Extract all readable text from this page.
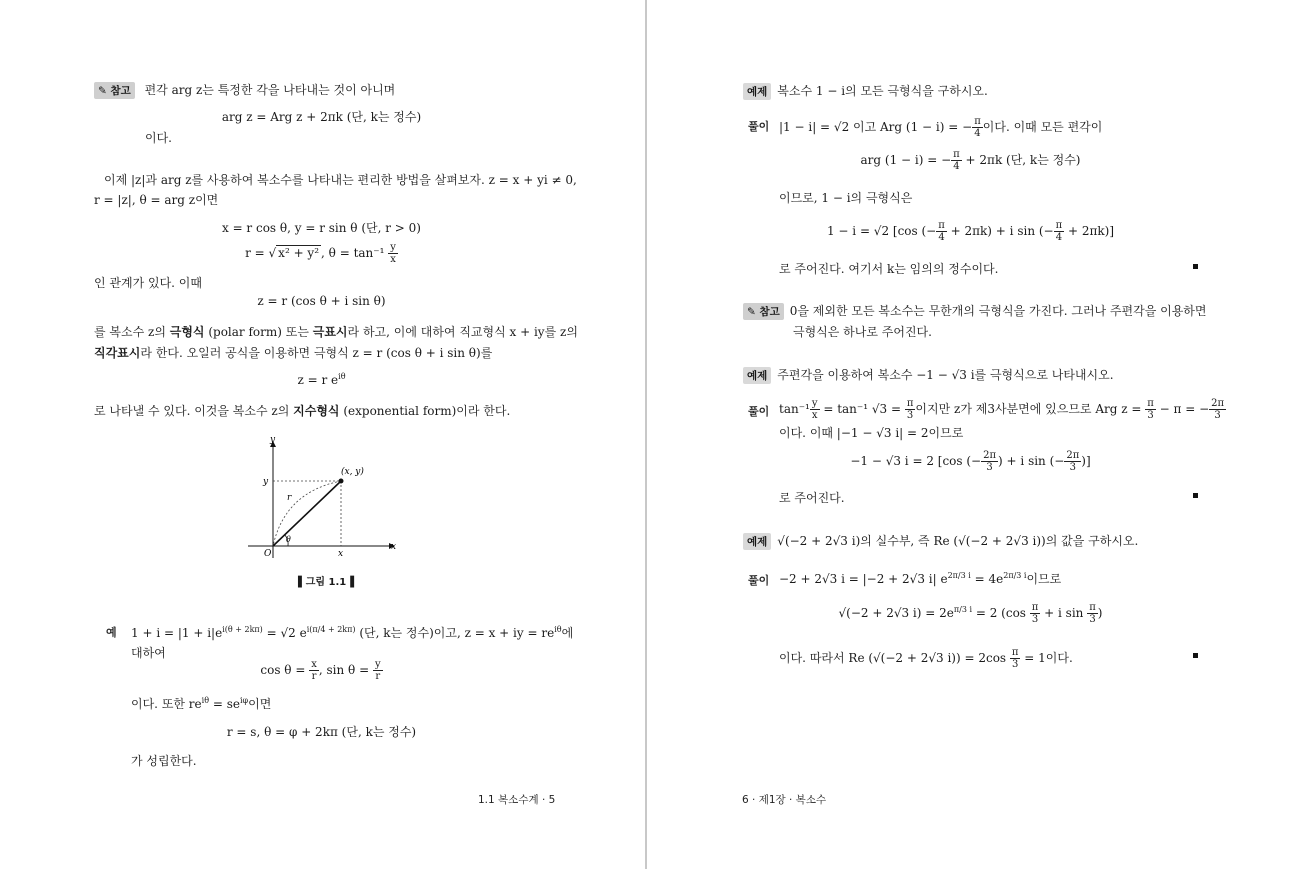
✎ 참고 편각 arg z는 특정한 각을 나타내는 것이 아니며
arg z = Arg z + 2πk (단, k는 정수)
이다.
이제 |z|과 arg z를 사용하여 복소수를 나타내는 편리한 방법을 살펴보자. z = x + yi ≠ 0,
r = |z|, θ = arg z이면
x = r cos θ, y = r sin θ (단, r > 0)
r = √ x² + y² , $\theta = \tan^{-1} \frac{y}{x}$
인 관계가 있다. 이때
z = r (cos θ + i sin θ)
를 복소수 z의 극형식 (polar form) 또는 극표시라 하고, 이에 대하여 직교형식 x + iy를 z의
직각표시라 한다. 오일러 공식을 이용하면 극형식 z = r (cos θ + i sin θ)를
z = r $e^{i\theta}$
로 나타낼 수 있다. 이것을 복소수 z의 지수형식 (exponential form)이라 한다.
y
x
y
x
O
r
θ
(x, y)
▌그림 1.1▐
예 $1 + i = |1 + i|e^{i(\theta + 2k\pi)} = √2$ $e^{i(\pi/4 + 2k\pi)}$ (단, k는 정수)이고, z = x + iy = $re^{i\theta}$에
대하여
$\cos \theta = \frac{x}{r}$ , $\sin \theta = \frac{y}{r}$
이다. 또한 $re^{i\theta} = se^{i\varphi}$이면
r = s, θ = φ + 2kπ (단, k는 정수)
가 성립한다.
1.1 복소수계 · 5
예제 복소수 1 − i의 모든 극형식을 구하시오.
풀이 |1 − i| = √2 이고 Arg (1 − i) = − $\frac{\pi}{4}$ 이다. 이때 모든 편각이
arg (1 − i) = − $\frac{\pi}{4} + 2\pi k$ (단, k는 정수)
이므로, 1 − i의 극형식은
1 − i = √2 [cos (− $\frac{\pi}{4} + 2\pi k) + i$ sin (− $\frac{\pi}{4} + 2\pi k$)]
로 주어진다. 여기서 k는 임의의 정수이다.
✎ 참고 0을 제외한 모든 복소수는 무한개의 극형식을 가진다. 그러나 주편각을 이용하면
극형식은 하나로 주어진다.
예제 주편각을 이용하여 복소수 −1 − √3 i를 극형식으로 나타내시오.
풀이 $\tan^{-1} \frac{y}{x} = \tan^{-1}$ $√3 = \frac{\pi}{3}$ 이지만 z가 제3사분면에 있으므로 Arg $z = \frac{\pi}{3} - \pi$ = − $\frac{2\pi}{3}$
이다. 이때 |−1 − √3 i| = 2이므로
−1 − √3 i = 2 [cos (− $\frac{2\pi}{3}$ ) + i sin (− $\frac{2\pi}{3}$ )]
로 주어진다.
예제 √(−2 + 2√3 i)의 실수부, 즉 Re (√(−2 + 2√3 i))의 값을 구하시오.
풀이 −2 + 2√3 i = |−2 + 2√3 i| $e^{2\pi/3 i} = 4e^{2\pi/3 i}$이므로
√(−2 + 2√3 $i) = 2e^{\pi/3 i} = 2$ ($\cos \frac{\pi}{3} + i$ $\sin \frac{\pi}{3}$ )
이다. 따라서 Re (√(−2 + 2√3 $i)) = 2\cos \frac{\pi}{3} = 1$이다.
6 · 제1장 · 복소수
